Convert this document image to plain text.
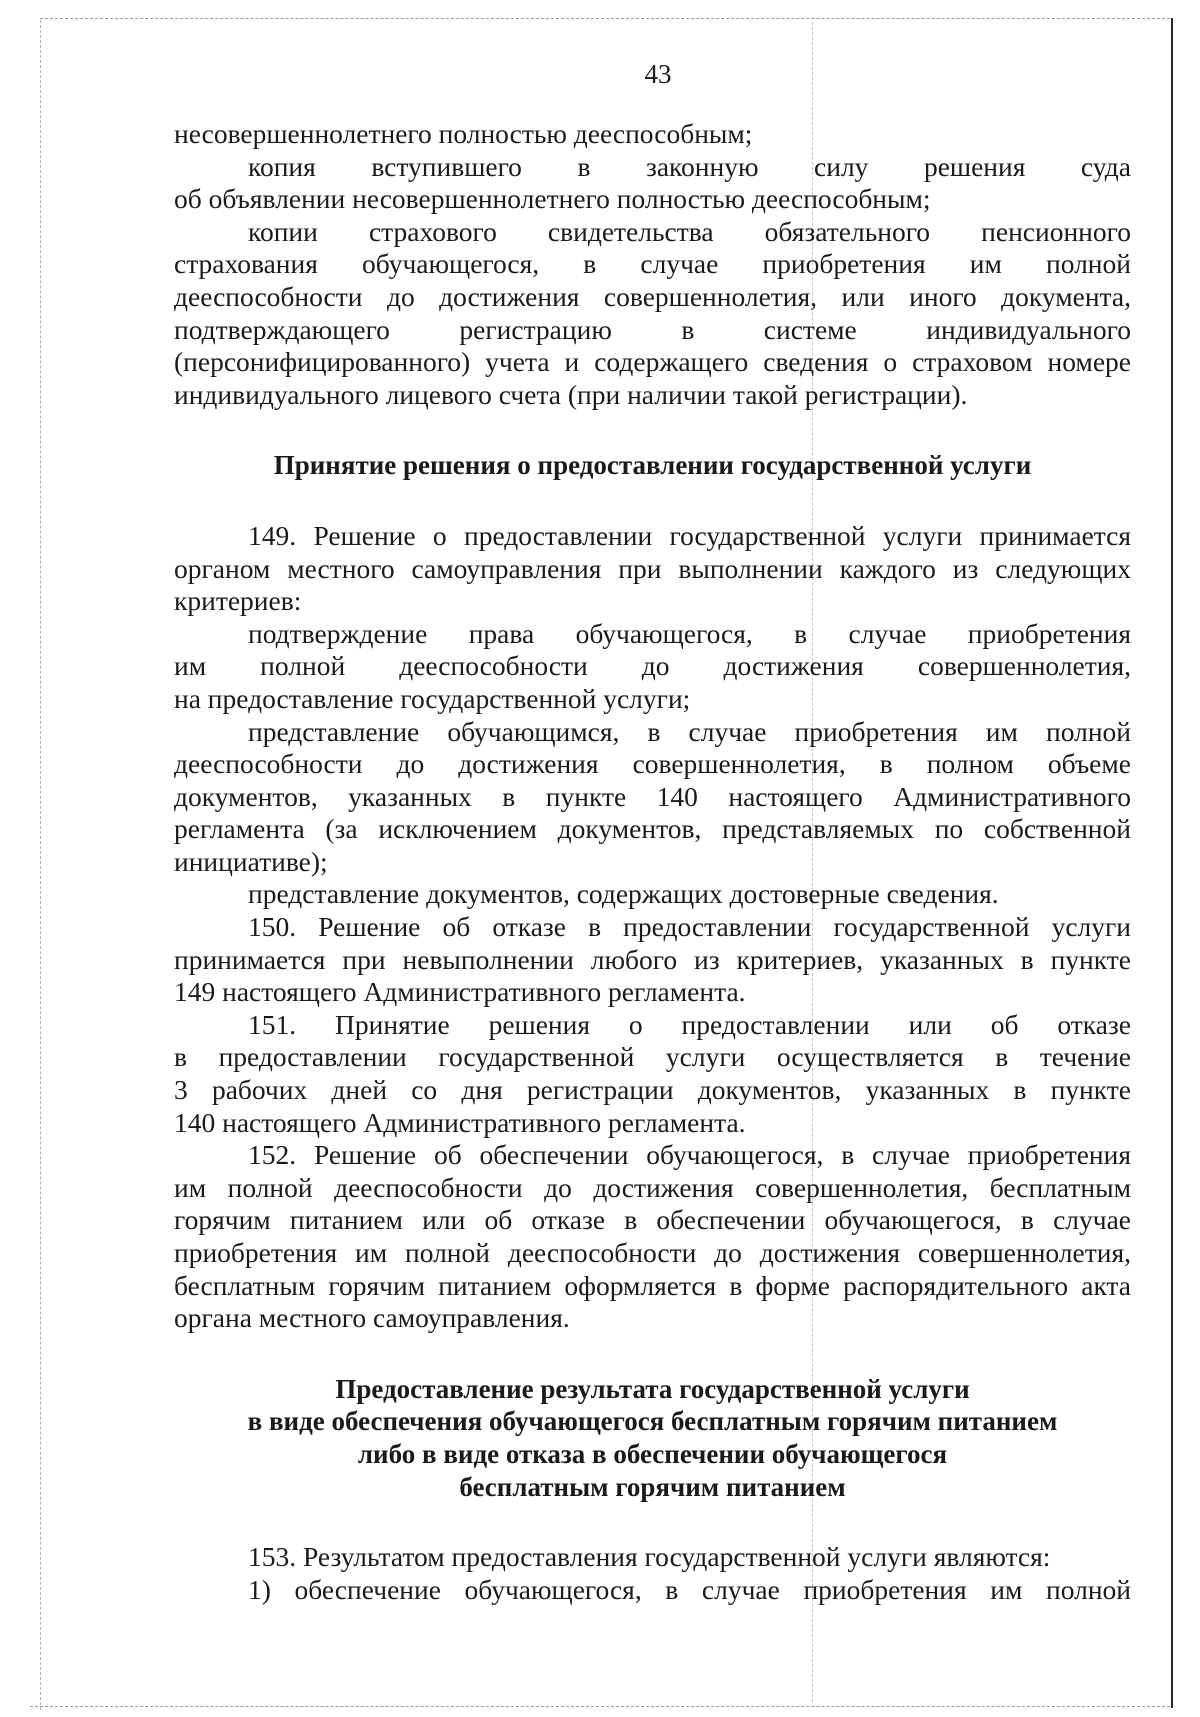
43
несовершеннолетнего полностью дееспособным;
копия вступившего в законную силу решения суда
об объявлении несовершеннолетнего полностью дееспособным;
копии страхового свидетельства обязательного пенсионного
страхования обучающегося, в случае приобретения им полной
дееспособности до достижения совершеннолетия, или иного документа,
подтверждающего регистрацию в системе индивидуального
(персонифицированного) учета и содержащего сведения о страховом номере
индивидуального лицевого счета (при наличии такой регистрации).
Принятие решения о предоставлении государственной услуги
149. Решение о предоставлении государственной услуги принимается
органом местного самоуправления при выполнении каждого из следующих
критериев:
подтверждение права обучающегося, в случае приобретения
им полной дееспособности до достижения совершеннолетия,
на предоставление государственной услуги;
представление обучающимся, в случае приобретения им полной
дееспособности до достижения совершеннолетия, в полном объеме
документов, указанных в пункте 140 настоящего Административного
регламента (за исключением документов, представляемых по собственной
инициативе);
представление документов, содержащих достоверные сведения.
150. Решение об отказе в предоставлении государственной услуги
принимается при невыполнении любого из критериев, указанных в пункте
149 настоящего Административного регламента.
151. Принятие решения о предоставлении или об отказе
в предоставлении государственной услуги осуществляется в течение
3 рабочих дней со дня регистрации документов, указанных в пункте
140 настоящего Административного регламента.
152. Решение об обеспечении обучающегося, в случае приобретения
им полной дееспособности до достижения совершеннолетия, бесплатным
горячим питанием или об отказе в обеспечении обучающегося, в случае
приобретения им полной дееспособности до достижения совершеннолетия,
бесплатным горячим питанием оформляется в форме распорядительного акта
органа местного самоуправления.
Предоставление результата государственной услуги
в виде обеспечения обучающегося бесплатным горячим питанием
либо в виде отказа в обеспечении обучающегося
бесплатным горячим питанием
153. Результатом предоставления государственной услуги являются:
1) обеспечение обучающегося, в случае приобретения им полной
